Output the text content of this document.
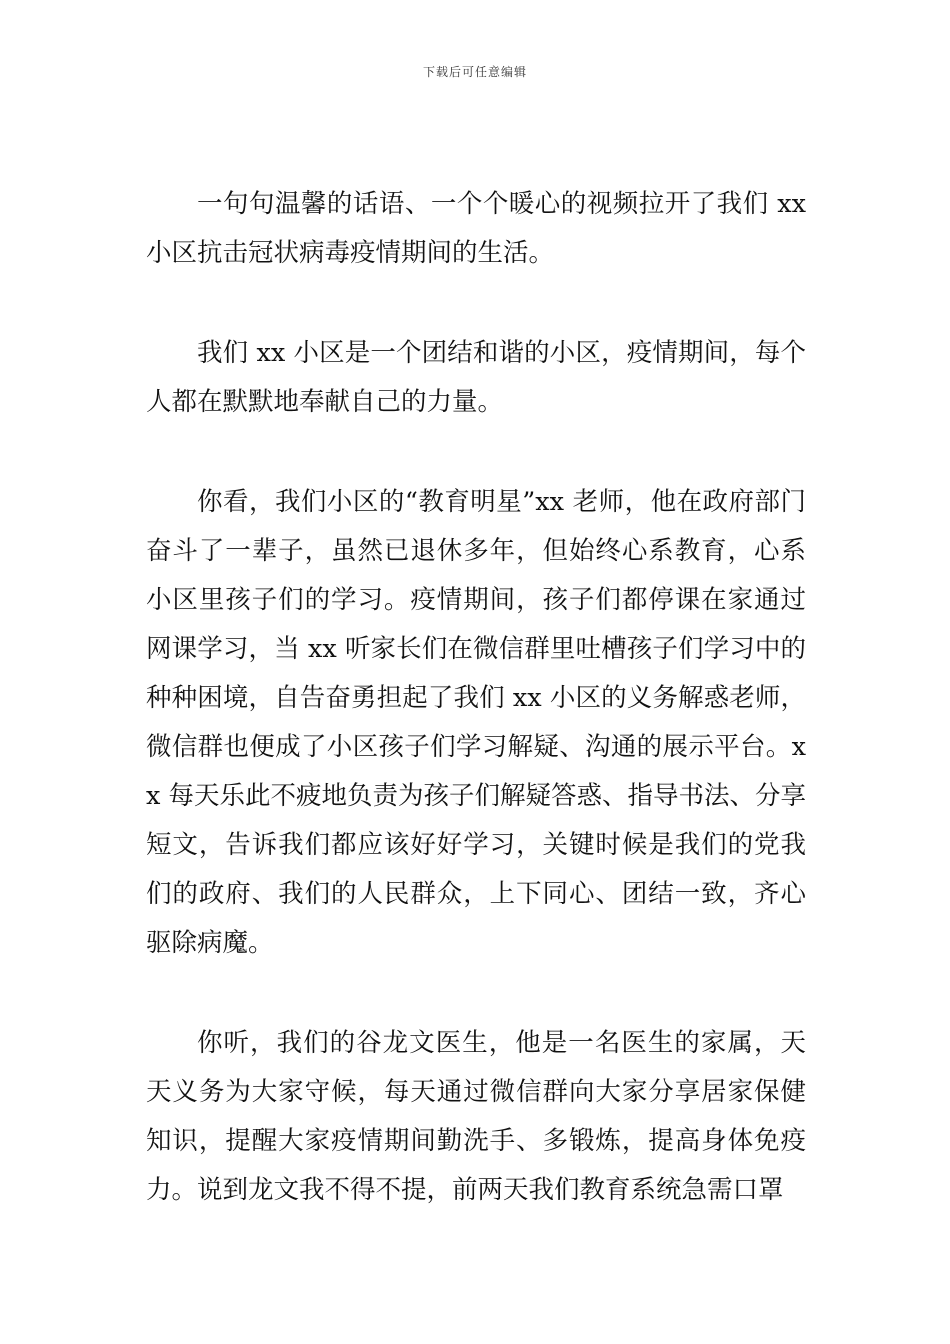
下载后可任意编辑

一句句温馨的话语、一个个暖心的视频拉开了我们 xx 小区抗击冠状病毒疫情期间的生活。

我们 xx 小区是一个团结和谐的小区，疫情期间，每个人都在默默地奉献自己的力量。

你看，我们小区的“教育明星”xx 老师，他在政府部门奋斗了一辈子，虽然已退休多年，但始终心系教育，心系小区里孩子们的学习。疫情期间，孩子们都停课在家通过网课学习，当 xx 听家长们在微信群里吐槽孩子们学习中的种种困境，自告奋勇担起了我们 xx 小区的义务解惑老师，微信群也便成了小区孩子们学习解疑、沟通的展示平台。xx 每天乐此不疲地负责为孩子们解疑答惑、指导书法、分享短文，告诉我们都应该好好学习，关键时候是我们的党我们的政府、我们的人民群众，上下同心、团结一致，齐心驱除病魔。

你听，我们的谷龙文医生，他是一名医生的家属，天天义务为大家守候，每天通过微信群向大家分享居家保健知识，提醒大家疫情期间勤洗手、多锻炼，提高身体免疫力。说到龙文我不得不提，前两天我们教育系统急需口罩
